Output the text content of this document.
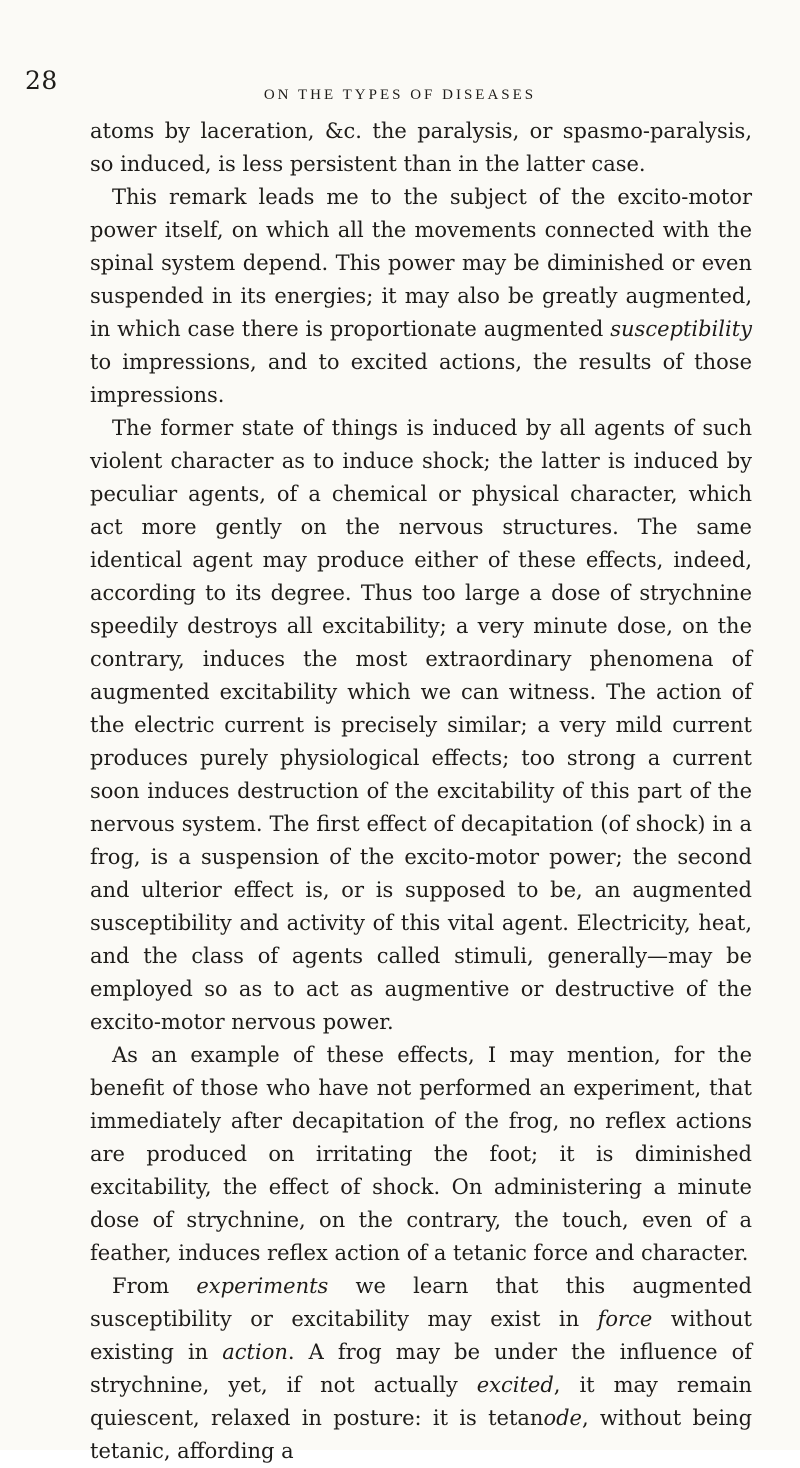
28	ON THE TYPES OF DISEASES

atoms by laceration, &c. the paralysis, or spasmo-paralysis, so induced, is less persistent than in the latter case.

This remark leads me to the subject of the excito-motor power itself, on which all the movements connected with the spinal system depend. This power may be diminished or even suspended in its energies; it may also be greatly augmented, in which case there is proportionate augmented susceptibility to impressions, and to excited actions, the results of those impressions.

The former state of things is induced by all agents of such violent character as to induce shock; the latter is induced by peculiar agents, of a chemical or physical character, which act more gently on the nervous structures. The same identical agent may produce either of these effects, indeed, according to its degree. Thus too large a dose of strychnine speedily destroys all excitability; a very minute dose, on the contrary, induces the most extraordinary phenomena of augmented excitability which we can witness. The action of the electric current is precisely similar; a very mild current produces purely physiological effects; too strong a current soon induces destruction of the excitability of this part of the nervous system. The first effect of decapitation (of shock) in a frog, is a suspension of the excito-motor power; the second and ulterior effect is, or is supposed to be, an augmented susceptibility and activity of this vital agent. Electricity, heat, and the class of agents called stimuli, generally—may be employed so as to act as augmentive or destructive of the excito-motor nervous power.

As an example of these effects, I may mention, for the benefit of those who have not performed an experiment, that immediately after decapitation of the frog, no reflex actions are produced on irritating the foot; it is diminished excitability, the effect of shock. On administering a minute dose of strychnine, on the contrary, the touch, even of a feather, induces reflex action of a tetanic force and character.

From experiments we learn that this augmented susceptibility or excitability may exist in force without existing in action. A frog may be under the influence of strychnine, yet, if not actually excited, it may remain quiescent, relaxed in posture: it is tetanode, without being tetanic, affording a
